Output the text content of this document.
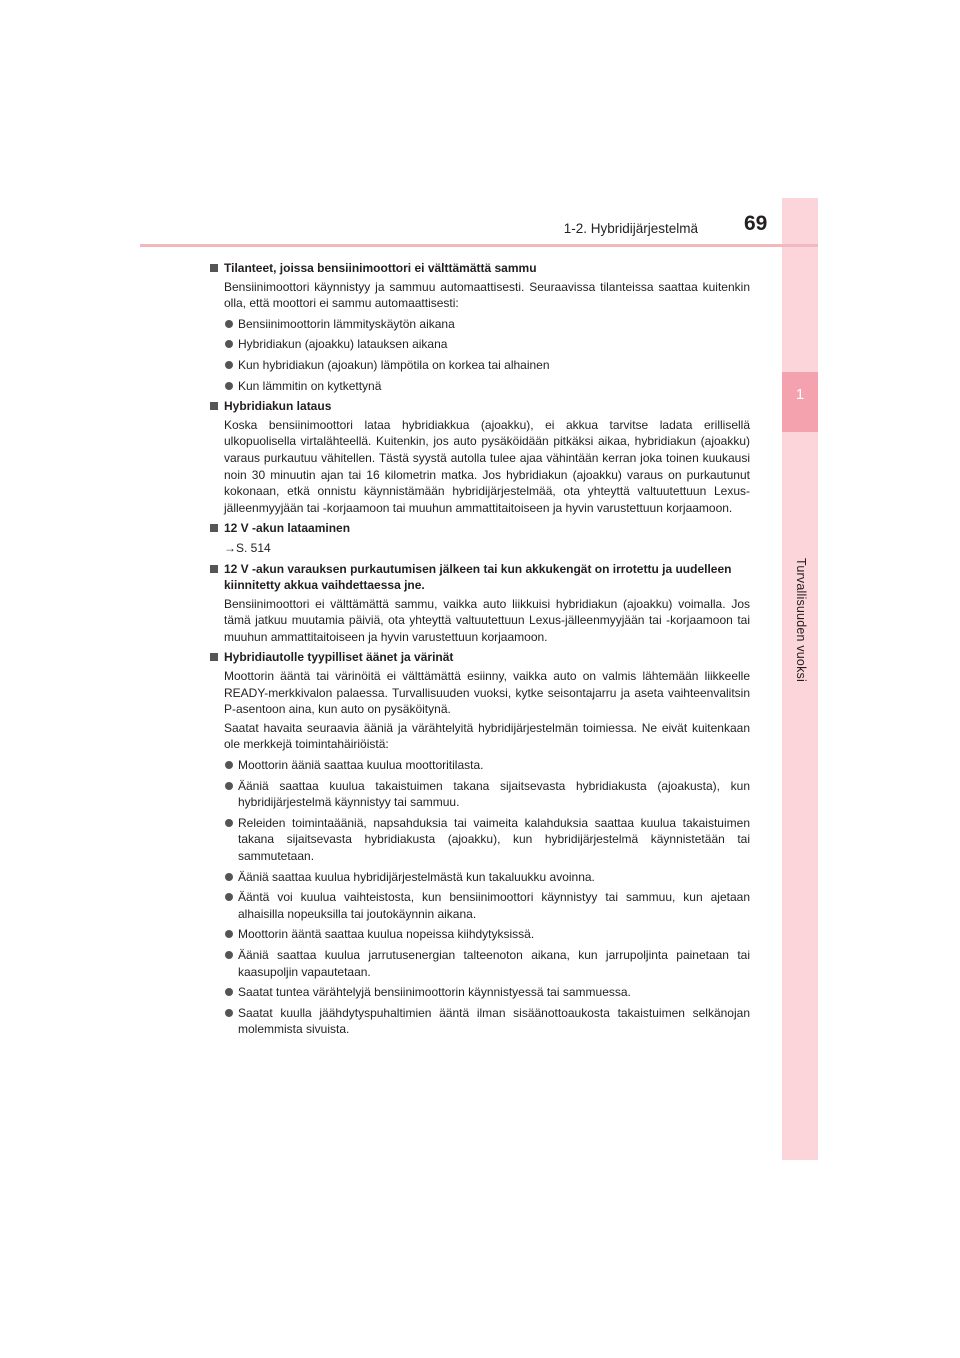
1
Turvallisuuden vuoksi
1-2. Hybridijärjestelmä 69
Tilanteet, joissa bensiinimoottori ei välttämättä sammu
Bensiinimoottori käynnistyy ja sammuu automaattisesti. Seuraavissa tilanteissa saattaa kuitenkin olla, että moottori ei sammu automaattisesti:
Bensiinimoottorin lämmityskäytön aikana
Hybridiakun (ajoakku) latauksen aikana
Kun hybridiakun (ajoakun) lämpötila on korkea tai alhainen
Kun lämmitin on kytkettynä
Hybridiakun lataus
Koska bensiinimoottori lataa hybridiakkua (ajoakku), ei akkua tarvitse ladata erillisellä ulkopuolisella virtalähteellä. Kuitenkin, jos auto pysäköidään pitkäksi aikaa, hybridiakun (ajoakku) varaus purkautuu vähitellen. Tästä syystä autolla tulee ajaa vähintään kerran joka toinen kuukausi noin 30 minuutin ajan tai 16 kilometrin matka. Jos hybridiakun (ajoakku) varaus on purkautunut kokonaan, etkä onnistu käynnistämään hybridijärjestelmää, ota yhteyttä valtuutettuun Lexus-jälleenmyyjään tai -korjaamoon tai muuhun ammattitaitoiseen ja hyvin varustettuun korjaamoon.
12 V -akun lataaminen
→S. 514
12 V -akun varauksen purkautumisen jälkeen tai kun akkukengät on irrotettu ja uudelleen kiinnitetty akkua vaihdettaessa jne.
Bensiinimoottori ei välttämättä sammu, vaikka auto liikkuisi hybridiakun (ajoakku) voimalla. Jos tämä jatkuu muutamia päiviä, ota yhteyttä valtuutettuun Lexus-jälleenmyyjään tai -korjaamoon tai muuhun ammattitaitoiseen ja hyvin varustettuun korjaamoon.
Hybridiautolle tyypilliset äänet ja värinät
Moottorin ääntä tai värinöitä ei välttämättä esiinny, vaikka auto on valmis lähtemään liikkeelle READY-merkkivalon palaessa. Turvallisuuden vuoksi, kytke seisontajarru ja aseta vaihteenvalitsin P-asentoon aina, kun auto on pysäköitynä.
Saatat havaita seuraavia ääniä ja värähtelyitä hybridijärjestelmän toimiessa. Ne eivät kuitenkaan ole merkkejä toimintahäiriöistä:
Moottorin ääniä saattaa kuulua moottoritilasta.
Ääniä saattaa kuulua takaistuimen takana sijaitsevasta hybridiakusta (ajoakusta), kun hybridijärjestelmä käynnistyy tai sammuu.
Releiden toimintaääniä, napsahduksia tai vaimeita kalahduksia saattaa kuulua takaistuimen takana sijaitsevasta hybridiakusta (ajoakku), kun hybridijärjestelmä käynnistetään tai sammutetaan.
Ääniä saattaa kuulua hybridijärjestelmästä kun takaluukku avoinna.
Ääntä voi kuulua vaihteistosta, kun bensiinimoottori käynnistyy tai sammuu, kun ajetaan alhaisilla nopeuksilla tai joutokäynnin aikana.
Moottorin ääntä saattaa kuulua nopeissa kiihdytyksissä.
Ääniä saattaa kuulua jarrutusenergian talteenoton aikana, kun jarrupoljinta painetaan tai kaasupoljin vapautetaan.
Saatat tuntea värähtelyjä bensiinimoottorin käynnistyessä tai sammuessa.
Saatat kuulla jäähdytyspuhaltimien ääntä ilman sisäänottoaukosta takaistuimen selkänojan molemmista sivuista.
